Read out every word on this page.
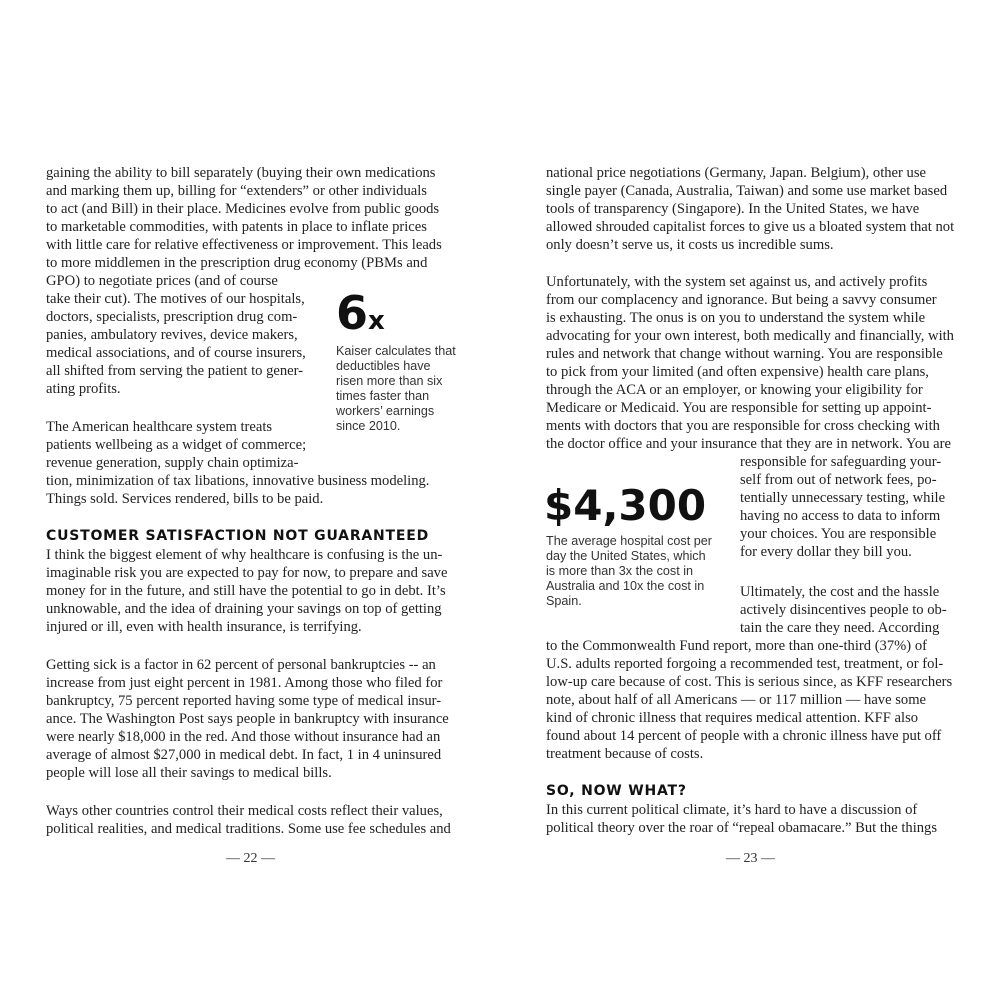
gaining the ability to bill separately (buying their own medications
and marking them up, billing for “extenders” or other individuals
to act (and Bill) in their place. Medicines evolve from public goods
to marketable commodities, with patents in place to inflate prices
with little care for relative effectiveness or improvement. This leads
to more middlemen in the prescription drug economy (PBMs and
GPO) to negotiate prices (and of course
take their cut). The motives of our hospitals,
doctors, specialists, prescription drug com-
panies, ambulatory revives, device makers,
medical associations, and of course insurers,
all shifted from serving the patient to gener-
ating profits.
The American healthcare system treats
patients wellbeing as a widget of commerce;
revenue generation, supply chain optimiza-
tion, minimization of tax libations, innovative business modeling.
Things sold. Services rendered, bills to be paid.
6x
Kaiser calculates that
deductibles have
risen more than six
times faster than
workers’ earnings
since 2010.
CUSTOMER SATISFACTION NOT GUARANTEED
I think the biggest element of why healthcare is confusing is the un-
imaginable risk you are expected to pay for now, to prepare and save
money for in the future, and still have the potential to go in debt. It’s
unknowable, and the idea of draining your savings on top of getting
injured or ill, even with health insurance, is terrifying.
Getting sick is a factor in 62 percent of personal bankruptcies -- an
increase from just eight percent in 1981. Among those who filed for
bankruptcy, 75 percent reported having some type of medical insur-
ance. The Washington Post says people in bankruptcy with insurance
were nearly $18,000 in the red. And those without insurance had an
average of almost $27,000 in medical debt. In fact, 1 in 4 uninsured
people will lose all their savings to medical bills.
Ways other countries control their medical costs reflect their values,
political realities, and medical traditions. Some use fee schedules and
— 22 —
national price negotiations (Germany, Japan. Belgium), other use
single payer (Canada, Australia, Taiwan) and some use market based
tools of transparency (Singapore). In the United States, we have
allowed shrouded capitalist forces to give us a bloated system that not
only doesn’t serve us, it costs us incredible sums.
Unfortunately, with the system set against us, and actively profits
from our complacency and ignorance. But being a savvy consumer
is exhausting. The onus is on you to understand the system while
advocating for your own interest, both medically and financially, with
rules and network that change without warning. You are responsible
to pick from your limited (and often expensive) health care plans,
through the ACA or an employer, or knowing your eligibility for
Medicare or Medicaid. You are responsible for setting up appoint-
ments with doctors that you are responsible for cross checking with
the doctor office and your insurance that they are in network. You are
responsible for safeguarding your-
self from out of network fees, po-
tentially unnecessary testing, while
having no access to data to inform
your choices. You are responsible
for every dollar they bill you.
$4,300
The average hospital cost per
day the United States, which
is more than 3x the cost in
Australia and 10x the cost in
Spain.
Ultimately, the cost and the hassle
actively disincentives people to ob-
tain the care they need. According
to the Commonwealth Fund report, more than one-third (37%) of
U.S. adults reported forgoing a recommended test, treatment, or fol-
low-up care because of cost. This is serious since, as KFF researchers
note, about half of all Americans — or 117 million — have some
kind of chronic illness that requires medical attention. KFF also
found about 14 percent of people with a chronic illness have put off
treatment because of costs.
SO, NOW WHAT?
In this current political climate, it’s hard to have a discussion of
political theory over the roar of “repeal obamacare.” But the things
— 23 —
